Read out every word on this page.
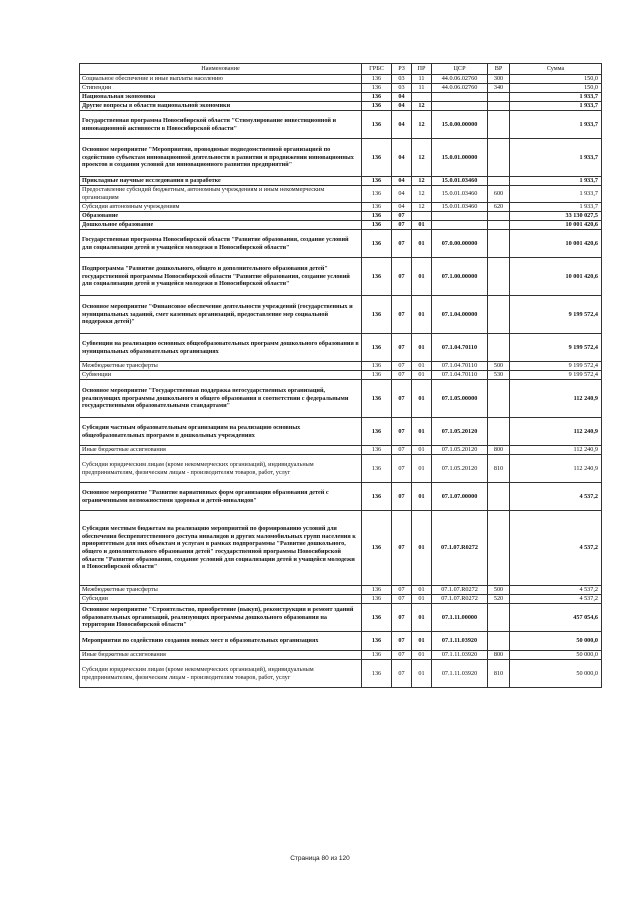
Наименование	ГРБС	РЗ	ПР	ЦСР	ВР	Сумма
Социальное обеспечение и иные выплаты населению	136	03	11	44.0.06.02760	300	150,0
Стипендии	136	03	11	44.0.06.02760	340	150,0
Национальная экономика	136	04				1 933,7
Другие вопросы в области национальной экономики	136	04	12			1 933,7
Государственная программа Новосибирской области "Стимулирование инвестиционной и инновационной активности в Новосибирской области"	136	04	12	15.0.00.00000		1 933,7
Основное мероприятие "Мероприятия, проводимые подведомственной организацией по содействию субъектам инновационной деятельности в развитии и продвижении инновационных проектов и создании условий для инновационного развития предприятий"	136	04	12	15.0.01.00000		1 933,7
Прикладные научные исследования в разработке	136	04	12	15.0.01.03460		1 933,7
Предоставление субсидий бюджетным, автономным учреждениям и иным некоммерческим организациям	136	04	12	15.0.01.03460	600	1 933,7
Субсидии автономным учреждениям	136	04	12	15.0.01.03460	620	1 933,7
Образование	136	07				33 130 027,5
Дошкольное образование	136	07	01			10 001 420,6
Государственная программа Новосибирской области "Развитие образования, создание условий для социализации детей и учащейся молодежи в Новосибирской области"	136	07	01	07.0.00.00000		10 001 420,6
Подпрограмма "Развитие дошкольного, общего и дополнительного образования детей" государственной программы Новосибирской области "Развитие образования, создание условий для социализации детей и учащейся молодежи в Новосибирской области"	136	07	01	07.1.00.00000		10 001 420,6
Основное мероприятие "Финансовое обеспечение деятельности учреждений (государственных и муниципальных заданий, смет казенных организаций, предоставление мер социальной поддержки детей)"	136	07	01	07.1.04.00000		9 199 572,4
Субвенции на реализацию основных общеобразовательных программ дошкольного образования в муниципальных образовательных организациях	136	07	01	07.1.04.70110		9 199 572,4
Межбюджетные трансферты	136	07	01	07.1.04.70110	500	9 199 572,4
Субвенции	136	07	01	07.1.04.70110	530	9 199 572,4
Основное мероприятие "Государственная поддержка негосударственных организаций, реализующих программы дошкольного и общего образования в соответствии с федеральными государственными образовательными стандартами"	136	07	01	07.1.05.00000		112 240,9
Субсидии частным образовательным организациям на реализацию основных общеобразовательных программ в дошкольных учреждениях	136	07	01	07.1.05.20120		112 240,9
Иные бюджетные ассигнования	136	07	01	07.1.05.20120	800	112 240,9
Субсидии юридическим лицам (кроме некоммерческих организаций), индивидуальным предпринимателям, физическим лицам - производителям товаров, работ, услуг	136	07	01	07.1.05.20120	810	112 240,9
Основное мероприятие "Развитие вариативных форм организации образования детей с ограниченными возможностями здоровья и детей-инвалидов"	136	07	01	07.1.07.00000		4 537,2
Субсидии местным бюджетам на реализацию мероприятий по формированию условий для обеспечения беспрепятственного доступа инвалидов и других маломобильных групп населения к приоритетным для них объектам и услугам в рамках подпрограммы "Развитие дошкольного, общего и дополнительного образования детей" государственной программы Новосибирской области "Развитие образования, создание условий для социализации детей и учащейся молодежи в Новосибирской области"	136	07	01	07.1.07.R0272		4 537,2
Межбюджетные трансферты	136	07	01	07.1.07.R0272	500	4 537,2
Субсидии	136	07	01	07.1.07.R0272	520	4 537,2
Основное мероприятие "Строительство, приобретение (выкуп), реконструкция и ремонт зданий образовательных организаций, реализующих программы дошкольного образования на территории Новосибирской области"	136	07	01	07.1.11.00000		457 054,6
Мероприятия по содействию создания новых мест в образовательных организациях	136	07	01	07.1.11.03920		50 000,0
Иные бюджетные ассигнования	136	07	01	07.1.11.03920	800	50 000,0
Субсидии юридическим лицам (кроме некоммерческих организаций), индивидуальным предпринимателям, физическим лицам - производителям товаров, работ, услуг	136	07	01	07.1.11.03920	810	50 000,0
Страница 80 из 120
